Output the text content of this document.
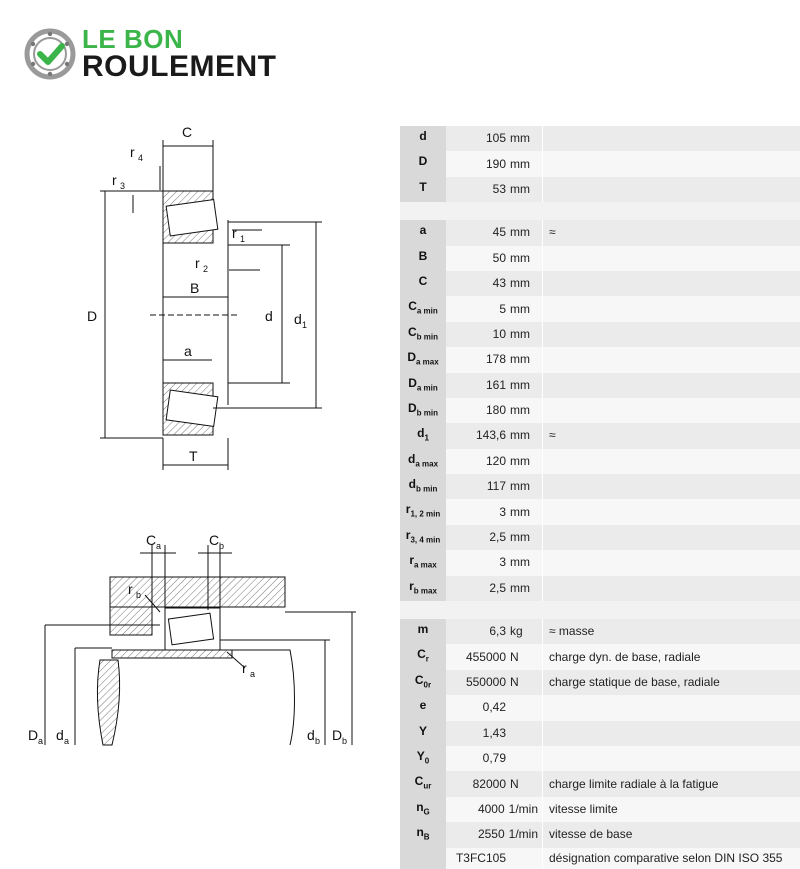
LE BON
ROULEMENT
C
r 4
r 3
r 1
r 2
B
D	d d 1
a
T
C a	C b
r b
r a
D a d a	d b D b
d	105 mm	
D	190 mm	
T	53 mm	

a	45 mm	≈
B	50 mm	
C	43 mm	
$C_{a min}$	5 mm	
$C_{b min}$	10 mm	
$D_{a max}$	178 mm	
$D_{a min}$	161 mm	
$D_{b min}$	180 mm	
$d_1$	143,6 mm	≈
$d_{a max}$	120 mm	
$d_{b min}$	117 mm	
$r_{1, 2 min}$	3 mm	
$r_{3, 4 min}$	2,5 mm	
$r_{a max}$	3 mm	
$r_{b max}$	2,5 mm	

m	6,3 kg	≈ masse
$C_r$	455000 N	charge dyn. de base, radiale
$C_{0r}$	550000 N	charge statique de base, radiale
e	0,42	
Y	1,43	
$Y_0$	0,79	
$C_{ur}$	82000 N	charge limite radiale à la fatigue
$n_G$	4000 1/min	vitesse limite
$n_B$	2550 1/min	vitesse de base
	T3FC105	désignation comparative selon DIN ISO 355
